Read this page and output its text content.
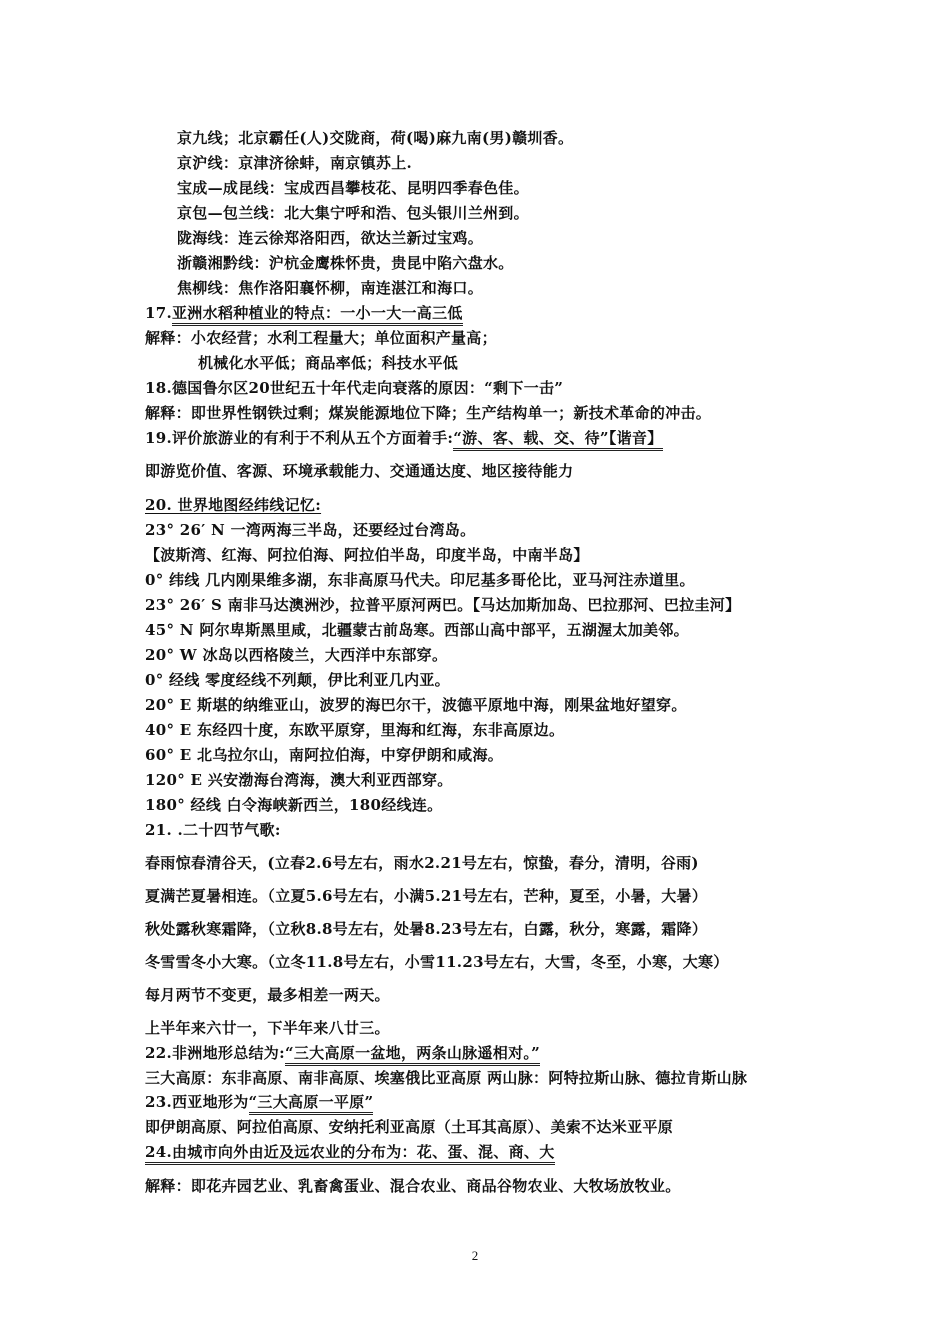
京九线；北京霸任(人)交陇商，荷(喝)麻九南(男)赣圳香。
京沪线：京津济徐蚌，南京镇苏上.
宝成—成昆线：宝成西昌攀枝花、昆明四季春色佳。
京包—包兰线：北大集宁呼和浩、包头银川兰州到。
陇海线：连云徐郑洛阳西，欲达兰新过宝鸡。
浙赣湘黔线：沪杭金鹰株怀贵，贵昆中陷六盘水。
焦柳线：焦作洛阳襄怀柳，南连湛江和海口。
17.亚洲水稻种植业的特点：一小一大一高三低
解释：小农经营；水利工程量大；单位面积产量高；
机械化水平低；商品率低；科技水平低
18.德国鲁尔区20世纪五十年代走向衰落的原因：“剩下一击”
解释：即世界性钢铁过剩；煤炭能源地位下降；生产结构单一；新技术革命的冲击。
19.评价旅游业的有利于不利从五个方面着手:“游、客、载、交、待”【谐音】
即游览价值、客源、环境承载能力、交通通达度、地区接待能力
20. 世界地图经纬线记忆:
23° 26′ N 一湾两海三半岛，还要经过台湾岛。
【波斯湾、红海、阿拉伯海、阿拉伯半岛，印度半岛，中南半岛】
0° 纬线 几内刚果维多湖，东非高原马代夫。印尼基多哥伦比，亚马河注赤道里。
23° 26′ S 南非马达澳洲沙，拉普平原河两巴。【马达加斯加岛、巴拉那河、巴拉圭河】
45° N 阿尔卑斯黑里咸，北疆蒙古前岛寒。西部山高中部平，五湖渥太加美邻。
20° W 冰岛以西格陵兰，大西洋中东部穿。
0° 经线 零度经线不列颠，伊比利亚几内亚。
20° E 斯堪的纳维亚山，波罗的海巴尔干，波德平原地中海，刚果盆地好望穿。
40° E 东经四十度，东欧平原穿，里海和红海，东非高原边。
60° E 北乌拉尔山，南阿拉伯海，中穿伊朗和咸海。
120° E 兴安渤海台湾海，澳大利亚西部穿。
180° 经线 白令海峡新西兰，180经线连。
21. .二十四节气歌:
春雨惊春清谷天，(立春2.6号左右，雨水2.21号左右，惊蛰，春分，清明，谷雨)
夏满芒夏暑相连。（立夏5.6号左右，小满5.21号左右，芒种，夏至，小暑，大暑）
秋处露秋寒霜降，（立秋8.8号左右，处暑8.23号左右，白露，秋分，寒露，霜降）
冬雪雪冬小大寒。（立冬11.8号左右，小雪11.23号左右，大雪，冬至，小寒，大寒）
每月两节不变更，最多相差一两天。
上半年来六廿一，下半年来八廿三。
22.非洲地形总结为:“三大高原一盆地，两条山脉遥相对。”
三大高原：东非高原、南非高原、埃塞俄比亚高原 两山脉：阿特拉斯山脉、德拉肯斯山脉
23.西亚地形为“三大高原一平原”
即伊朗高原、阿拉伯高原、安纳托利亚高原（土耳其高原）、美索不达米亚平原
24.由城市向外由近及远农业的分布为：花、蛋、混、商、大
解释：即花卉园艺业、乳畜禽蛋业、混合农业、商品谷物农业、大牧场放牧业。
2
